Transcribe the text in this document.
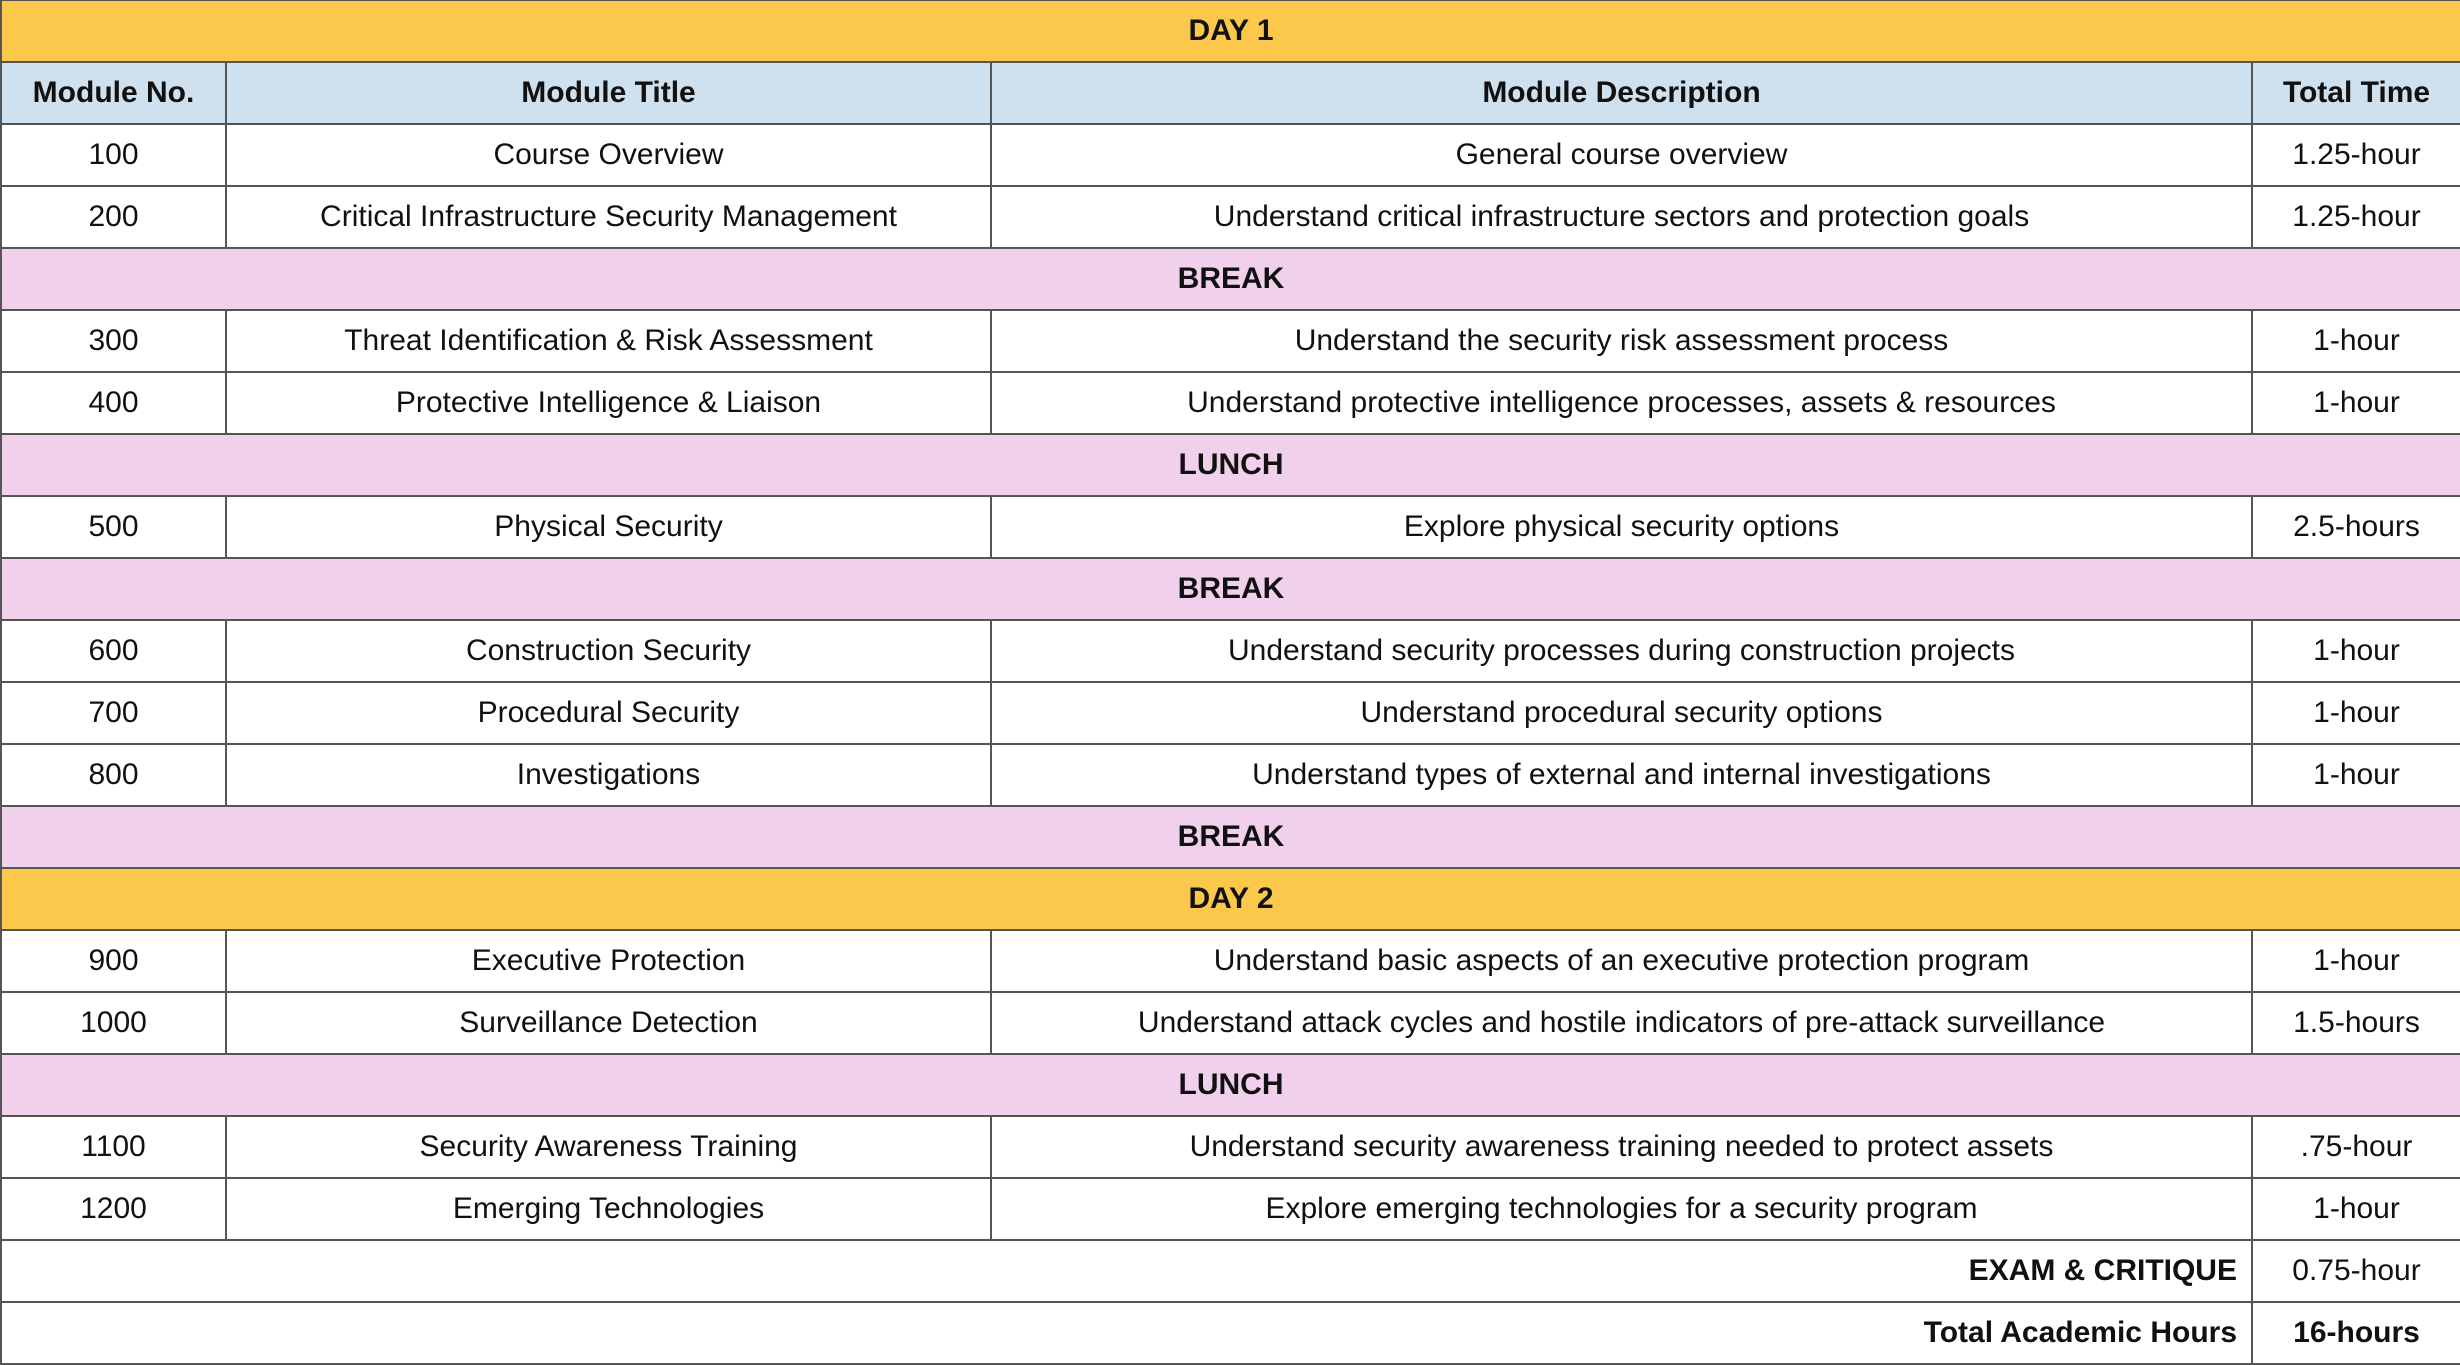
DAY 1			
Module No.	Module Title	Module Description	Total Time
100	Course Overview	General course overview	1.25-hour
200	Critical Infrastructure Security Management	Understand critical infrastructure sectors and protection goals	1.25-hour
BREAK			
300	Threat Identification & Risk Assessment	Understand the security risk assessment process	1-hour
400	Protective Intelligence & Liaison	Understand protective intelligence processes, assets & resources	1-hour
LUNCH			
500	Physical Security	Explore physical security options	2.5-hours
BREAK			
600	Construction Security	Understand security processes during construction projects	1-hour
700	Procedural Security	Understand procedural security options	1-hour
800	Investigations	Understand types of external and internal investigations	1-hour
BREAK			
DAY 2			
900	Executive Protection	Understand basic aspects of an executive protection program	1-hour
1000	Surveillance Detection	Understand attack cycles and hostile indicators of pre-attack surveillance	1.5-hours
LUNCH			
1100	Security Awareness Training	Understand security awareness training needed to protect assets	.75-hour
1200	Emerging Technologies	Explore emerging technologies for a security program	1-hour
EXAM & CRITIQUE			0.75-hour
Total Academic Hours			16-hours
